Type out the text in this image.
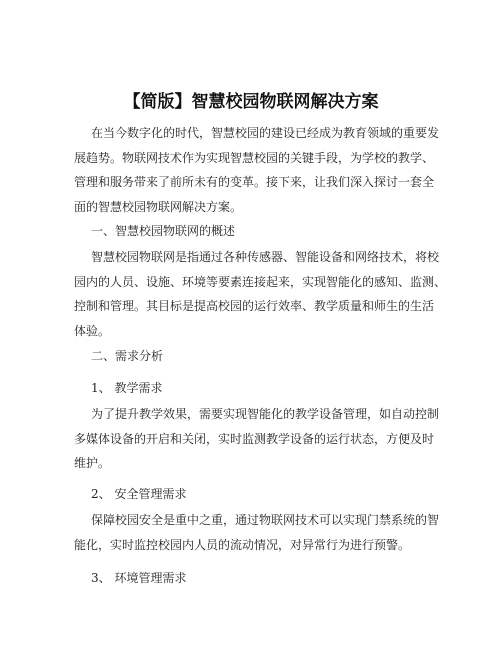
【简版】智慧校园物联网解决方案
在当今数字化的时代，智慧校园的建设已经成为教育领域的重要发
展趋势。物联网技术作为实现智慧校园的关键手段，为学校的教学、
管理和服务带来了前所未有的变革。接下来，让我们深入探讨一套全
面的智慧校园物联网解决方案。
一、智慧校园物联网的概述
智慧校园物联网是指通过各种传感器、智能设备和网络技术，将校
园内的人员、设施、环境等要素连接起来，实现智能化的感知、监测、
控制和管理。其目标是提高校园的运行效率、教学质量和师生的生活
体验。
二、需求分析
1、 教学需求
为了提升教学效果，需要实现智能化的教学设备管理，如自动控制
多媒体设备的开启和关闭，实时监测教学设备的运行状态，方便及时
维护。
2、 安全管理需求
保障校园安全是重中之重，通过物联网技术可以实现门禁系统的智
能化，实时监控校园内人员的流动情况，对异常行为进行预警。
3、 环境管理需求
